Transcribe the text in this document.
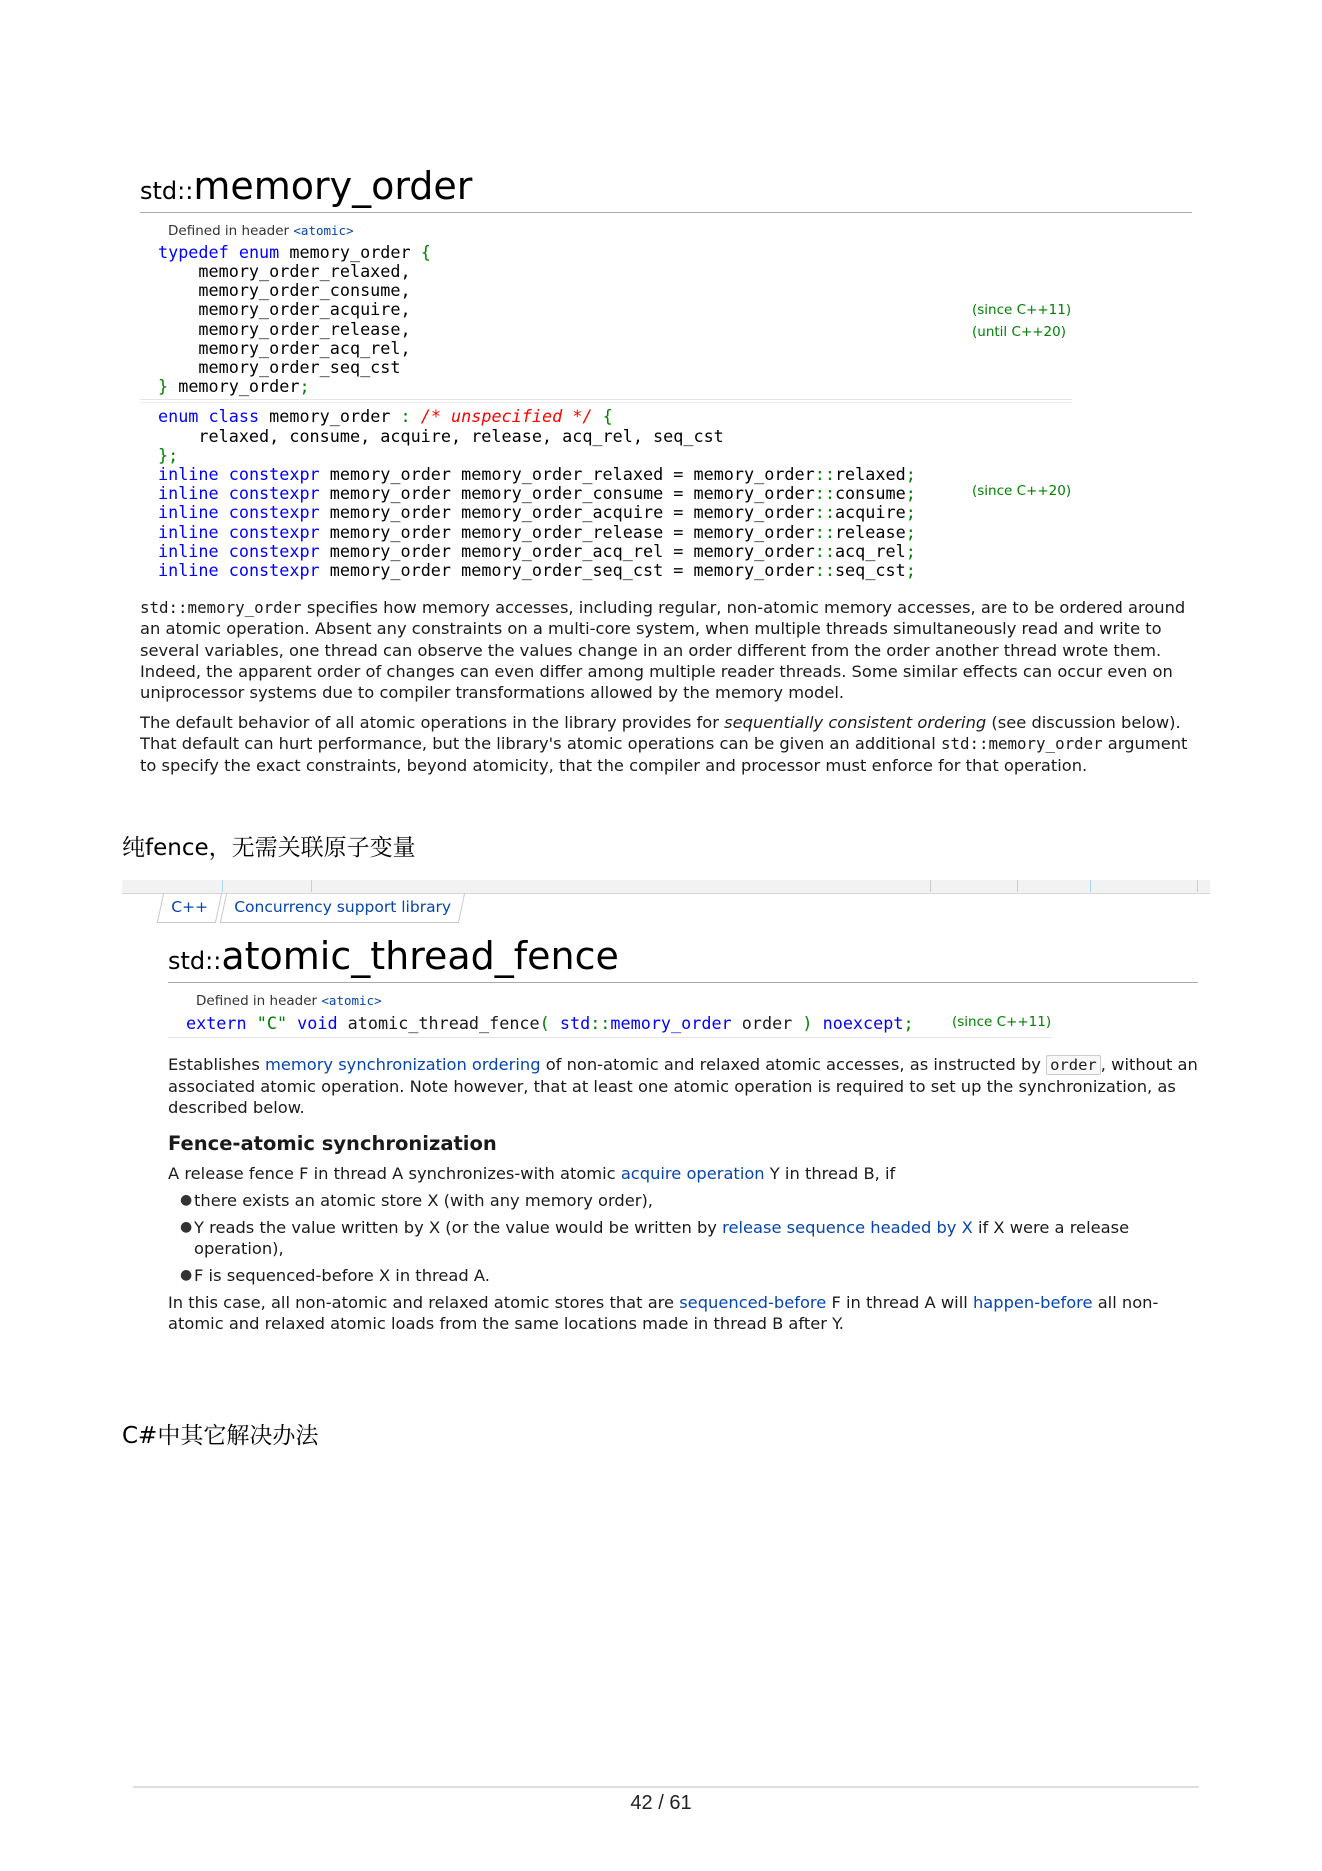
std::memory_order
Defined in header <atomic>
typedef enum memory_order {
memory_order_relaxed,
memory_order_consume,
memory_order_acquire,
memory_order_release,
memory_order_acq_rel,
memory_order_seq_cst
} memory_order;
(since C++11)
(until C++20)
enum class memory_order : /* unspecified */ {
relaxed, consume, acquire, release, acq_rel, seq_cst
};
inline constexpr memory_order memory_order_relaxed = memory_order::relaxed;
inline constexpr memory_order memory_order_consume = memory_order::consume;
inline constexpr memory_order memory_order_acquire = memory_order::acquire;
inline constexpr memory_order memory_order_release = memory_order::release;
inline constexpr memory_order memory_order_acq_rel = memory_order::acq_rel;
inline constexpr memory_order memory_order_seq_cst = memory_order::seq_cst;
(since C++20)

std::memory_order specifies how memory accesses, including regular, non-atomic memory accesses, are to be ordered around an atomic operation. Absent any constraints on a multi-core system, when multiple threads simultaneously read and write to several variables, one thread can observe the values change in an order different from the order another thread wrote them. Indeed, the apparent order of changes can even differ among multiple reader threads. Some similar effects can occur even on uniprocessor systems due to compiler transformations allowed by the memory model.

The default behavior of all atomic operations in the library provides for sequentially consistent ordering (see discussion below). That default can hurt performance, but the library's atomic operations can be given an additional std::memory_order argument to specify the exact constraints, beyond atomicity, that the compiler and processor must enforce for that operation.

纯fence，无需关联原子变量
C++	Concurrency support library
std::atomic_thread_fence
Defined in header <atomic>
extern "C" void atomic_thread_fence( std::memory_order order ) noexcept;	(since C++11)

Establishes memory synchronization ordering of non-atomic and relaxed atomic accesses, as instructed by order , without an associated atomic operation. Note however, that at least one atomic operation is required to set up the synchronization, as described below.

Fence-atomic synchronization

A release fence F in thread A synchronizes-with atomic acquire operation Y in thread B, if

● there exists an atomic store X (with any memory order),
● Y reads the value written by X (or the value would be written by release sequence headed by X if X were a release operation),
● F is sequenced-before X in thread A.

In this case, all non-atomic and relaxed atomic stores that are sequenced-before F in thread A will happen-before all non-atomic and relaxed atomic loads from the same locations made in thread B after Y.

C#中其它解决办法
42 / 61
